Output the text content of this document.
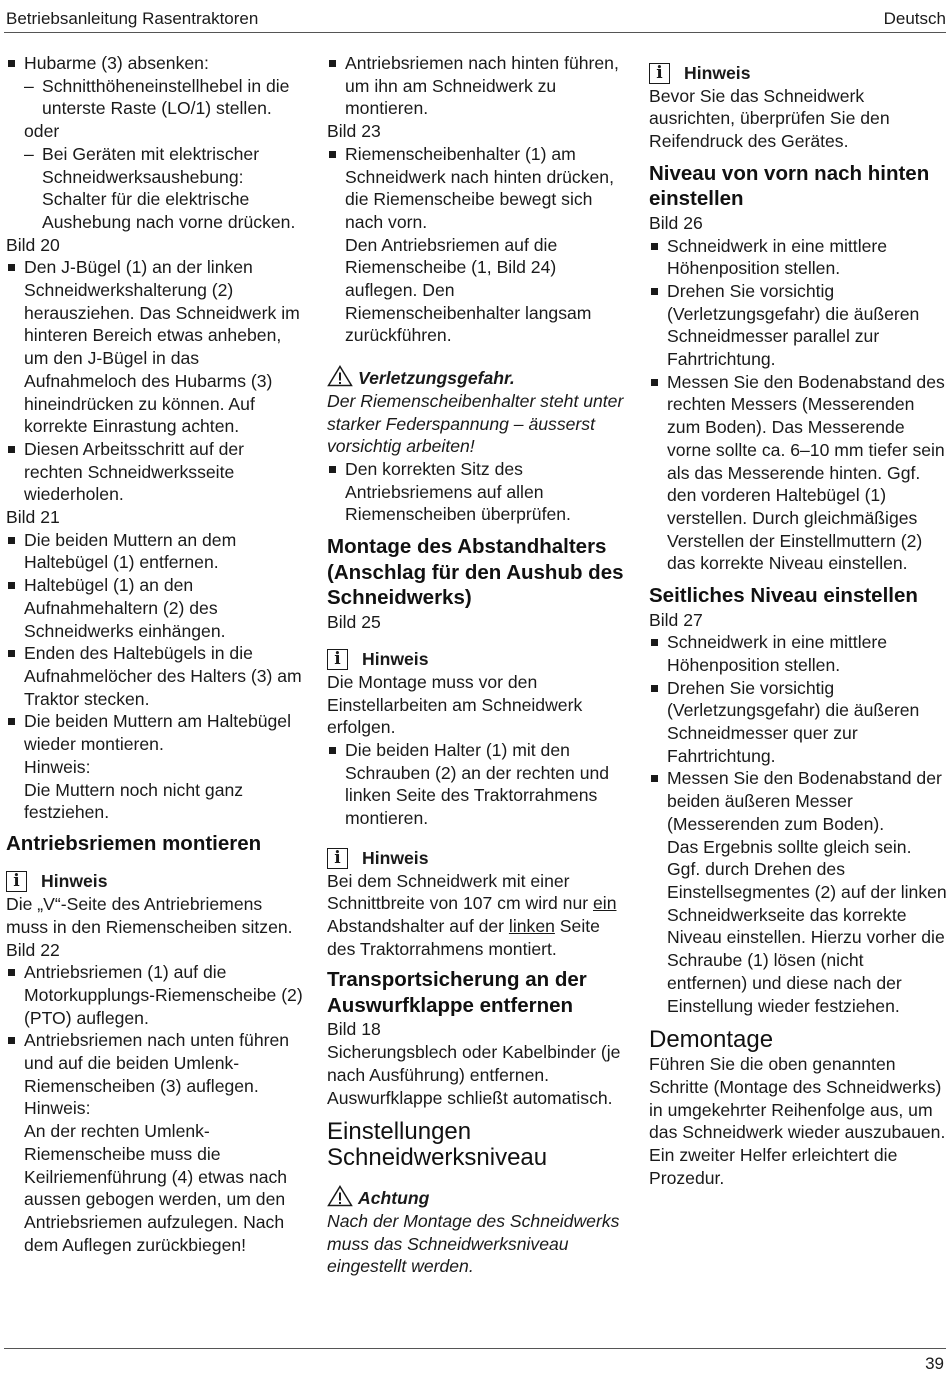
Betriebsanleitung Rasentraktoren	Deutsch

Hubarme (3) absenken:

– Schnitthöheneinstellhebel in die unterste Raste (LO/1) stellen.

oder

– Bei Geräten mit elektrischer Schneidwerksaushebung: Schalter für die elektrische Aushebung nach vorne drücken.

Bild 20

Den J-Bügel (1) an der linken Schneidwerkshalterung (2) herausziehen. Das Schneidwerk im hinteren Bereich etwas anheben, um den J-Bügel in das Aufnahmeloch des Hubarms (3) hineindrücken zu können. Auf korrekte Einrastung achten.

Diesen Arbeitsschritt auf der rechten Schneidwerksseite wiederholen.

Bild 21

Die beiden Muttern an dem Haltebügel (1) entfernen.

Haltebügel (1) an den Aufnahmehaltern (2) des Schneidwerks einhängen.

Enden des Haltebügels in die Aufnahmelöcher des Halters (3) am Traktor stecken.

Die beiden Muttern am Haltebügel wieder montieren.

Hinweis:

Die Muttern noch nicht ganz festziehen.

Antriebsriemen montieren

i	Hinweis

Die „V“-Seite des Antriebriemens muss in den Riemenscheiben sitzen.

Bild 22

Antriebsriemen (1) auf die Motorkupplungs-Riemenscheibe (2) (PTO) auflegen.

Antriebsriemen nach unten führen und auf die beiden Umlenk-Riemenscheiben (3) auflegen.

Hinweis:

An der rechten Umlenk-Riemenscheibe muss die Keilriemenführung (4) etwas nach aussen gebogen werden, um den Antriebsriemen aufzulegen. Nach dem Auflegen zurückbiegen!

Antriebsriemen nach hinten führen, um ihn am Schneidwerk zu montieren.

Bild 23

Riemenscheibenhalter (1) am Schneidwerk nach hinten drücken, die Riemenscheibe bewegt sich nach vorn.

Den Antriebsriemen auf die Riemenscheibe (1, Bild 24) auflegen. Den Riemenscheibenhalter langsam zurückführen.

Verletzungsgefahr.

Der Riemenscheibenhalter steht unter starker Federspannung – äusserst vorsichtig arbeiten!

Den korrekten Sitz des Antriebsriemens auf allen Riemenscheiben überprüfen.

Montage des Abstandhalters (Anschlag für den Aushub des Schneidwerks)

Bild 25

i	Hinweis

Die Montage muss vor den Einstellarbeiten am Schneidwerk erfolgen.

Die beiden Halter (1) mit den Schrauben (2) an der rechten und linken Seite des Traktorrahmens montieren.

i	Hinweis

Bei dem Schneidwerk mit einer Schnittbreite von 107 cm wird nur ein Abstandshalter auf der linken Seite des Traktorrahmens montiert.

Transportsicherung an der Auswurfklappe entfernen

Bild 18

Sicherungsblech oder Kabelbinder (je nach Ausführung) entfernen. Auswurfklappe schließt automatisch.

Einstellungen Schneidwerksniveau

Achtung

Nach der Montage des Schneidwerks muss das Schneidwerksniveau eingestellt werden.

i	Hinweis

Bevor Sie das Schneidwerk ausrichten, überprüfen Sie den Reifendruck des Gerätes.

Niveau von vorn nach hinten einstellen

Bild 26

Schneidwerk in eine mittlere Höhenposition stellen.

Drehen Sie vorsichtig (Verletzungsgefahr) die äußeren Schneidmesser parallel zur Fahrtrichtung.

Messen Sie den Bodenabstand des rechten Messers (Messerenden zum Boden). Das Messerende vorne sollte ca. 6–10 mm tiefer sein als das Messerende hinten. Ggf. den vorderen Haltebügel (1) verstellen. Durch gleichmäßiges Verstellen der Einstellmuttern (2) das korrekte Niveau einstellen.

Seitliches Niveau einstellen

Bild 27

Schneidwerk in eine mittlere Höhenposition stellen.

Drehen Sie vorsichtig (Verletzungsgefahr) die äußeren Schneidmesser quer zur Fahrtrichtung.

Messen Sie den Bodenabstand der beiden äußeren Messer (Messerenden zum Boden).

Das Ergebnis sollte gleich sein. Ggf. durch Drehen des Einstellsegmentes (2) auf der linken Schneidwerkseite das korrekte Niveau einstellen. Hierzu vorher die Schraube (1) lösen (nicht entfernen) und diese nach der Einstellung wieder festziehen.

Demontage

Führen Sie die oben genannten Schritte (Montage des Schneidwerks) in umgekehrter Reihenfolge aus, um das Schneidwerk wieder auszubauen. Ein zweiter Helfer erleichtert die Prozedur.

39
